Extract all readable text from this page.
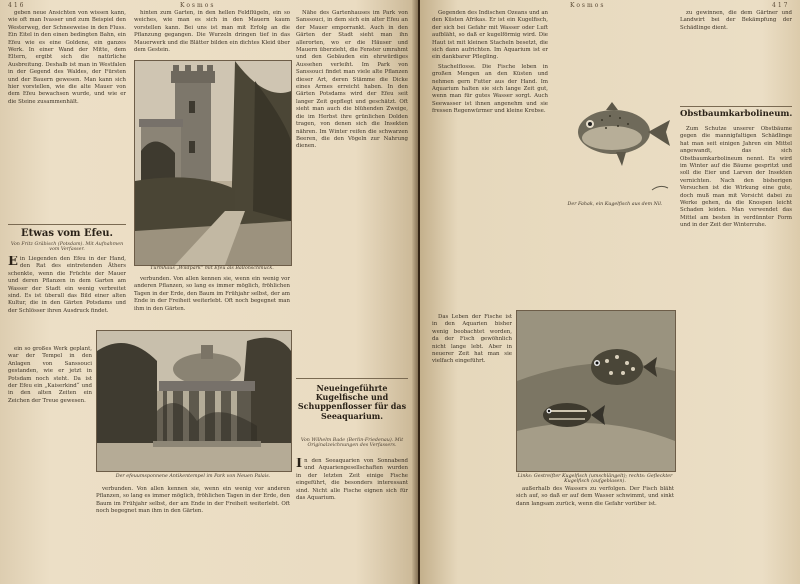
416	Kosmos

geben neue Ansichten von wissen kann, wie oft man Ivasser und zum Beispiel den Westerweg, der Schneeweise in den Fluss. Ein Eitel in den einen bedingten Bahn, ein Efeu wie es eine Goldene, ein ganzes Werk. In einer Wand der Mitte, dem Eltern, ergibt sich die natürliche Ausbreitung. Deshalb ist man in Westfalen in der Gegend des Waldes, der Fürsten und der Bauern gewesen. Man kann sich hier vorstellen, wie die alte Mauer von dem Efeu bewachsen wurde, und wie er die Steine zusammenhält.

hinten zum Garten, in den hellen Feldflügeln, ein so weiches, wie man es sich in den Mauern kaum vorstellen kann. Bei uns ist man mit Erfolg an die Pflanzung gegangen. Die Wurzeln dringen tief in das Mauerwerk und die Blätter bilden ein dichtes Kleid über dem Gestein.

Turmhaus „Wildpark“ mit Efeu als Ballonschmuck.
Etwas vom Efeu.
Von Fritz Gräbisch (Potsdam). Mit Aufnahmen vom Verfasser.
E in Liegenden den Efeu in der Hand, den Rat des eintretenden Äthers schenkte, wenn die Früchte der Mauer und deren Pflanzen in dem Garten am Wasser der Stadt ein wenig verbreitet sind. Es ist überall das Bild einer alten Kultur, die in den Gärten Potsdams und der Schlösser ihren Ausdruck findet.

verbunden. Von allen kennen sie, wenn ein wenig vor anderen Pflanzen, so lang es immer möglich, fröhlichen Tagen in der Erde, den Baum im Frühjahr selbst, der am Ende in der Freiheit weiterlebt. Oft noch begegnet man ihm in den Gärten.

Der efeuumsponnene Antikentempel im Park von Neuen Palais.

ein so großes Werk geplant, war der Tempel in den Anlagen von Sanssouci gestanden, wie er jetzt in Potsdam noch steht. Da ist der Efeu ein „Kaiserkind“ und in den alten Zeiten ein Zeichen der Treue gewesen.

verbunden. Von allen kennen sie, wenn ein wenig vor anderen Pflanzen, so lang es immer möglich, fröhlichen Tagen in der Erde, den Baum im Frühjahr selbst, der am Ende in der Freiheit weiterlebt. Oft noch begegnet man ihm in den Gärten.

Nähe des Gartenhauses im Park von Sanssouci, in dem sich ein alter Efeu an der Mauer emporrankt. Auch in den Gärten der Stadt sieht man ihn allerorten, wo er die Häuser und Mauern überzieht, die Fenster umrahmt und den Gebäuden ein ehrwürdiges Aussehen verleiht. Im Park von Sanssouci findet man viele alte Pflanzen dieser Art, deren Stämme die Dicke eines Armes erreicht haben. In den Gärten Potsdams wird der Efeu seit langer Zeit gepflegt und geschätzt. Oft sieht man auch die blühenden Zweige, die im Herbst ihre grünlichen Dolden tragen, von denen sich die Insekten nähren. Im Winter reifen die schwarzen Beeren, die den Vögeln zur Nahrung dienen.

Neueingeführte Kugelfische und Schuppenflosser für das Seeaquarium.
Von Wilhelm Bade (Berlin-Friedenau). Mit Originalzeichnungen des Verfassers.
I n den Seeaquarien von Sonnabend und Aquariengesellschaften wurden in der letzten Zeit einige Fische eingeführt, die besonders interessant sind. Nicht alle Fische eignen sich für das Aquarium.
Kosmos	417

Gegenden des Indischen Ozeans und an den Küsten Afrikas. Er ist ein Kugelfisch, der sich bei Gefahr mit Wasser oder Luft aufbläht, so daß er kugelförmig wird. Die Haut ist mit kleinen Stacheln besetzt, die sich dann aufrichten. Im Aquarium ist er ein dankbarer Pflegling.

Stachelflosse. Die Fische leben in großen Mengen an den Küsten und nehmen gern Futter aus der Hand. Im Aquarium halten sie sich lange Zeit gut, wenn man für gutes Wasser sorgt. Auch Seewasser ist ihnen angenehm und sie fressen Regenwürmer und kleine Krebse.

Der Fahak, ein Kugelfisch aus dem Nil.
Links: Gestreifter Kugelfisch (umschlängelt); rechts: Gefleckter Kugelfisch (aufgeblasen).

Das Leben der Fische ist in den Aquarien bisher wenig beobachtet worden, da der Fisch gewöhnlich nicht lange lebt. Aber in neuerer Zeit hat man sie vielfach eingeführt.

außerhalb des Wassers zu verfolgen. Der Fisch bläht sich auf, so daß er auf dem Wasser schwimmt, und sinkt dann langsam zurück, wenn die Gefahr vorüber ist.

zu gewinnen, die dem Gärtner und Landwirt bei der Bekämpfung der Schädlinge dient.

Obstbaumkarbolineum.

Zum Schutze unserer Obstbäume gegen die mannigfaltigen Schädlinge hat man seit einigen Jahren ein Mittel angewandt, das sich Obstbaumkarbolineum nennt. Es wird im Winter auf die Bäume gespritzt und soll die Eier und Larven der Insekten vernichten. Nach den bisherigen Versuchen ist die Wirkung eine gute, doch muß man mit Vorsicht dabei zu Werke gehen, da die Knospen leicht Schaden leiden. Man verwendet das Mittel am besten in verdünnter Form und in der Zeit der Winterruhe.
